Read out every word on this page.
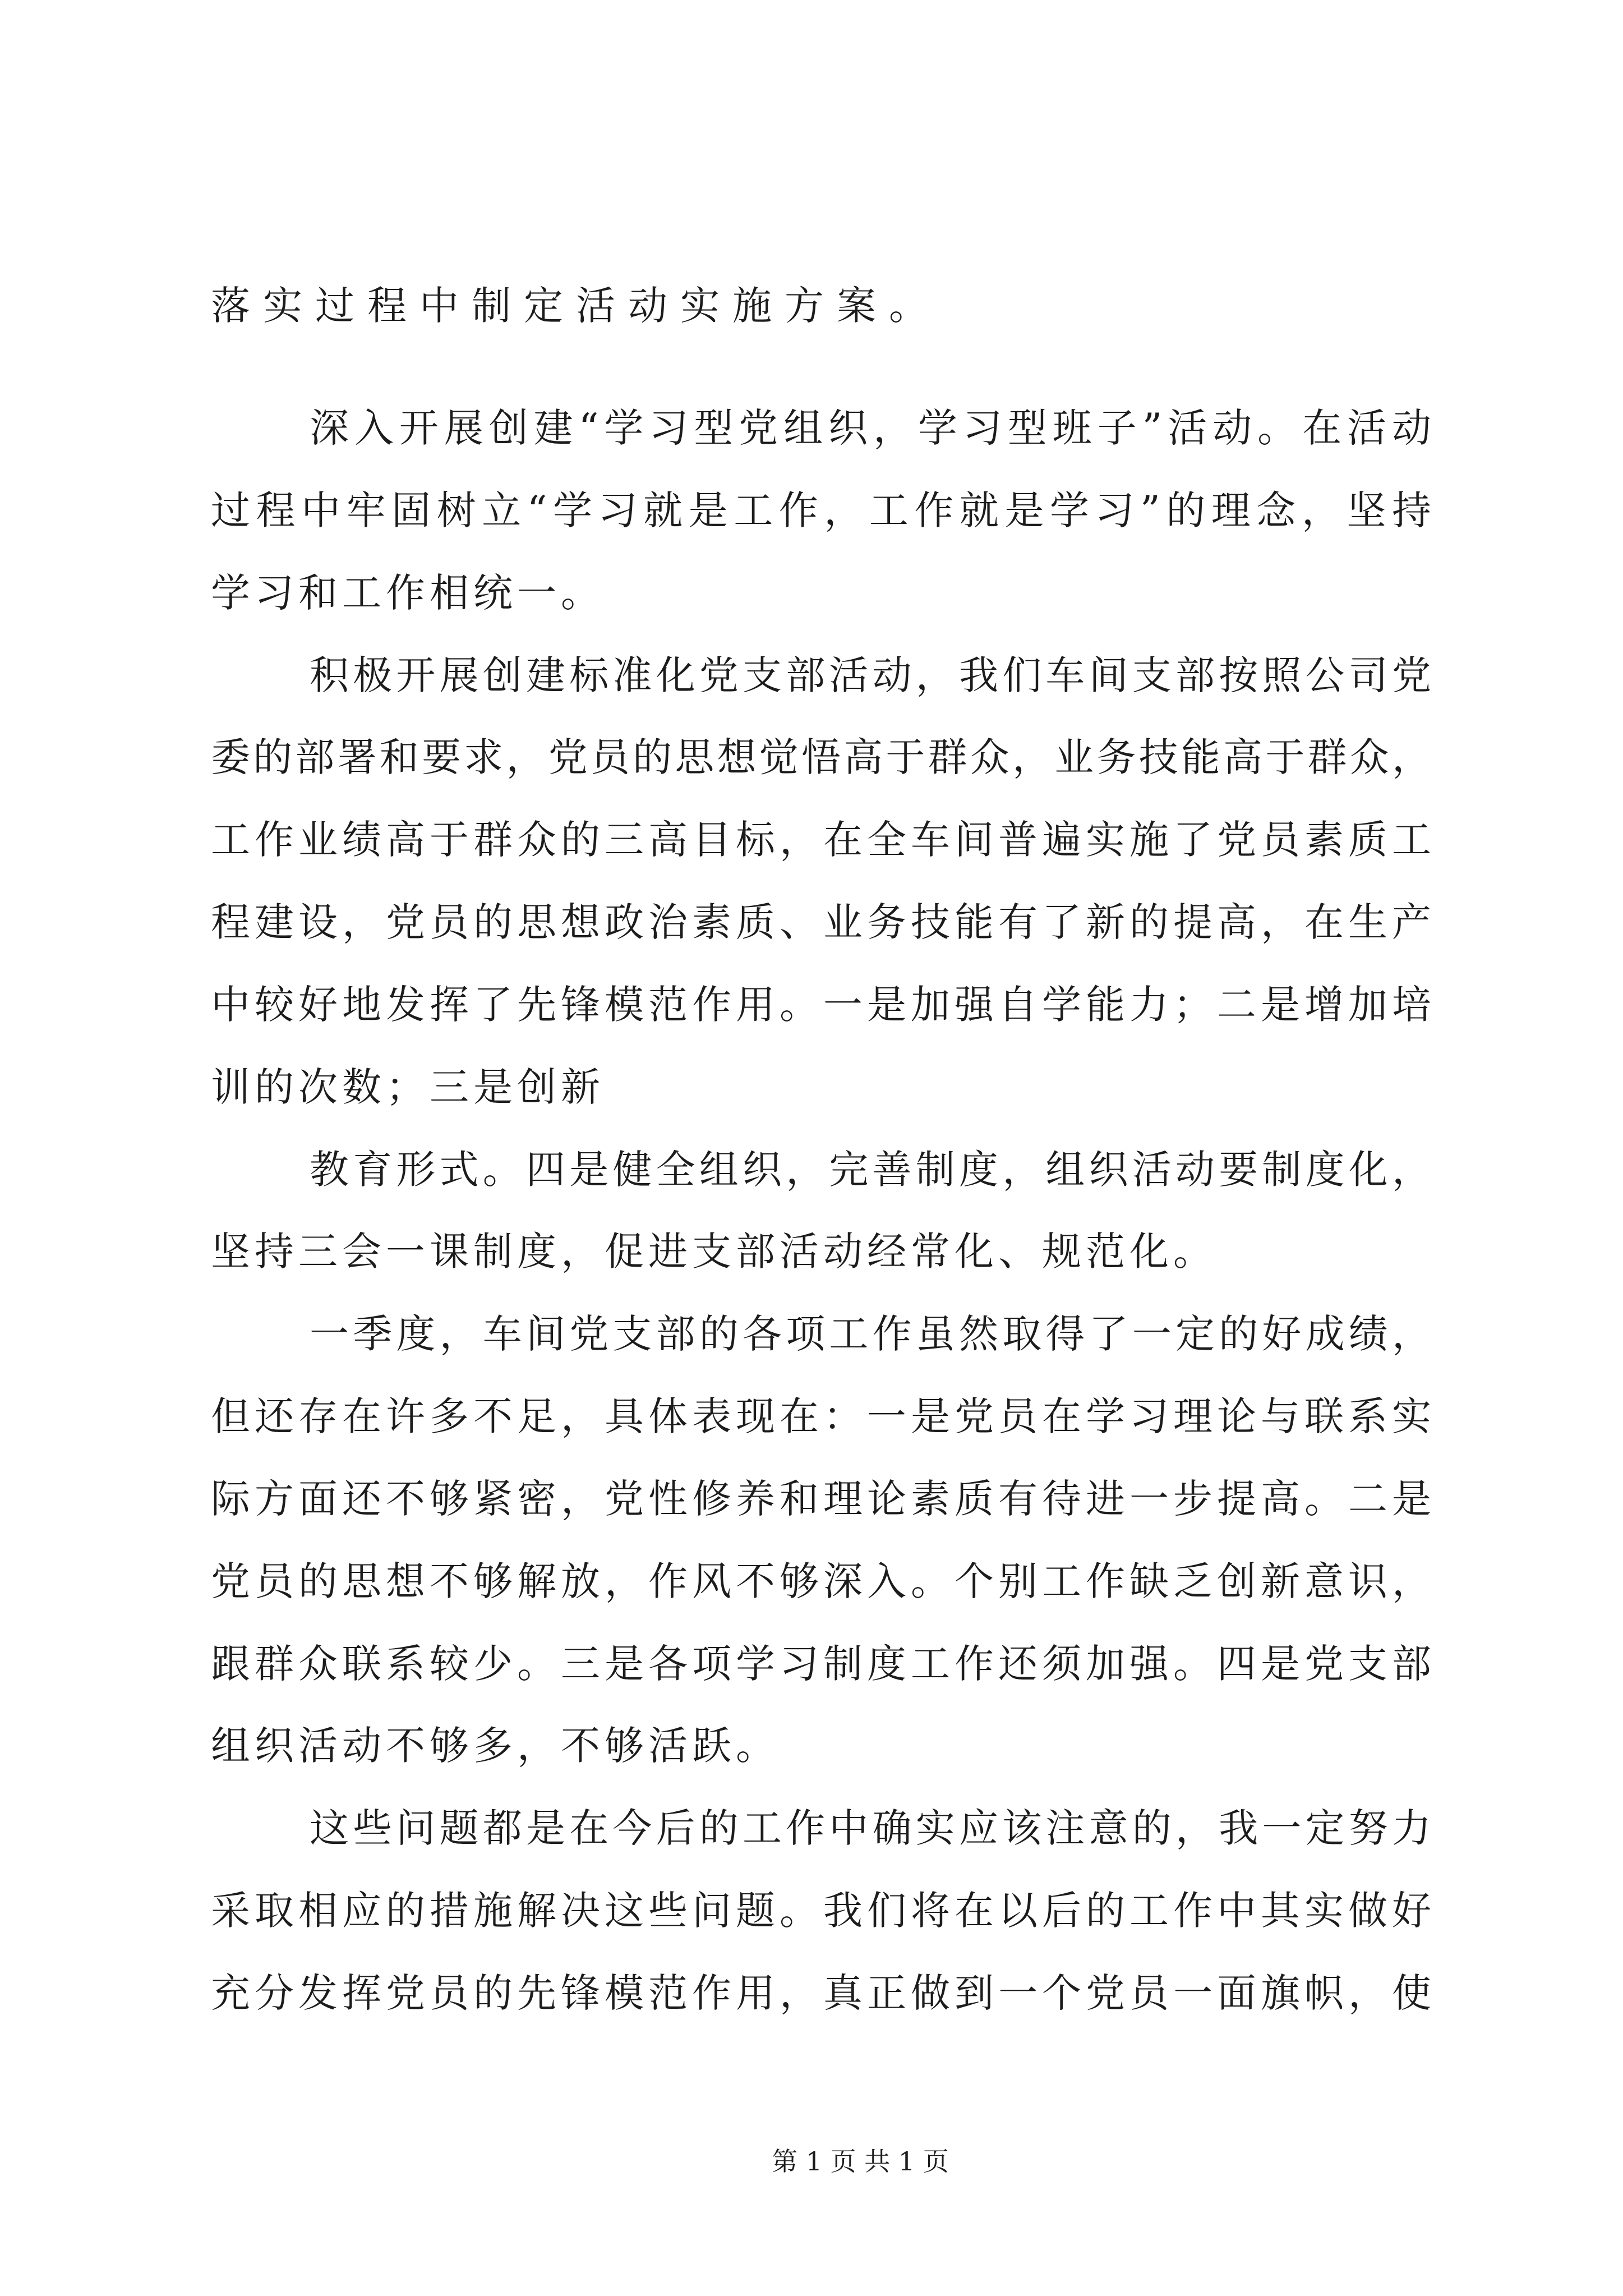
落实过程中制定活动实施方案。
深入开展创建“学习型党组织，学习型班子”活动。在活动
过程中牢固树立“学习就是工作，工作就是学习”的理念，坚持
学习和工作相统一。
积极开展创建标准化党支部活动，我们车间支部按照公司党
委的部署和要求，党员的思想觉悟高于群众，业务技能高于群众，
工作业绩高于群众的三高目标，在全车间普遍实施了党员素质工
程建设，党员的思想政治素质、业务技能有了新的提高，在生产
中较好地发挥了先锋模范作用。一是加强自学能力；二是增加培
训的次数；三是创新
教育形式。四是健全组织，完善制度，组织活动要制度化，
坚持三会一课制度，促进支部活动经常化、规范化。
一季度，车间党支部的各项工作虽然取得了一定的好成绩，
但还存在许多不足，具体表现在：一是党员在学习理论与联系实
际方面还不够紧密，党性修养和理论素质有待进一步提高。二是
党员的思想不够解放，作风不够深入。个别工作缺乏创新意识，
跟群众联系较少。三是各项学习制度工作还须加强。四是党支部
组织活动不够多，不够活跃。
这些问题都是在今后的工作中确实应该注意的，我一定努力
采取相应的措施解决这些问题。我们将在以后的工作中其实做好
充分发挥党员的先锋模范作用，真正做到一个党员一面旗帜，使
第 1 页 共 1 页
